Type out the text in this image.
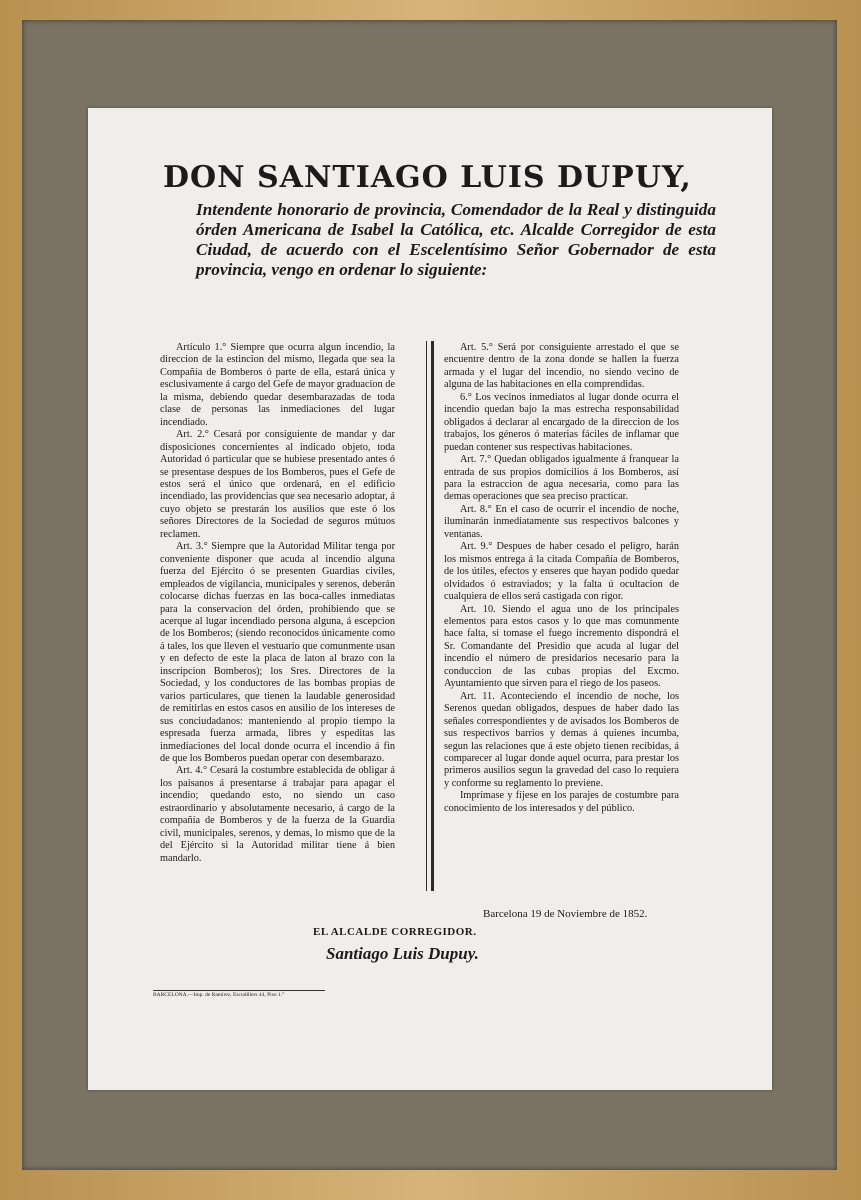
DON SANTIAGO LUIS DUPUY,
Intendente honorario de provincia, Comendador de la Real y distinguida órden Americana de Isabel la Católica, etc. Alcalde Corregidor de esta Ciudad, de acuerdo con el Escelentísimo Señor Gobernador de esta provincia, vengo en ordenar lo siguiente:

Artículo 1.° Siempre que ocurra algun incendio, la direccion de la estincion del mismo, llegada que sea la Compañía de Bomberos ó parte de ella, estará única y esclusivamente á cargo del Gefe de mayor graduacion de la misma, debiendo quedar desembarazadas de toda clase de personas las inmediaciones del lugar incendiado.

Art. 2.° Cesará por consiguiente de mandar y dar disposiciones concernientes al indicado objeto, toda Autoridad ó particular que se hubiese presentado antes ó se presentase despues de los Bomberos, pues el Gefe de estos será el único que ordenará, en el edificio incendiado, las providencias que sea necesario adoptar, á cuyo objeto se prestarán los ausilios que este ó los señores Directores de la Sociedad de seguros mútuos reclamen.

Art. 3.° Siempre que la Autoridad Militar tenga por conveniente disponer que acuda al incendio alguna fuerza del Ejército ó se presenten Guardias civiles, empleados de vigilancia, municipales y serenos, deberán colocarse dichas fuerzas en las boca-calles inmediatas para la conservacion del órden, prohibiendo que se acerque al lugar incendiado persona alguna, á escepcion de los Bomberos; (siendo reconocidos únicamente como á tales, los que lleven el vestuario que comunmente usan y en defecto de este la placa de laton al brazo con la inscripcion Bomberos); los Sres. Directores de la Sociedad, y los conductores de las bombas propias de varios particulares, que tienen la laudable generosidad de remitirlas en estos casos en ausilio de los intereses de sus conciudadanos: manteniendo al propio tiempo la espresada fuerza armada, libres y espeditas las inmediaciones del local donde ocurra el incendio á fin de que los Bomberos puedan operar con desembarazo.

Art. 4.° Cesará la costumbre establecida de obligar á los paisanos á presentarse á trabajar para apagar el incendio; quedando esto, no siendo un caso estraordinario y absolutamente necesario, á cargo de la compañía de Bomberos y de la fuerza de la Guardia civil, municipales, serenos, y demas, lo mismo que de la del Ejército si la Autoridad militar tiene á bien mandarlo.

Art. 5.° Será por consiguiente arrestado el que se encuentre dentro de la zona donde se hallen la fuerza armada y el lugar del incendio, no siendo vecino de alguna de las habitaciones en ella comprendidas.

6.° Los vecinos inmediatos al lugar donde ocurra el incendio quedan bajo la mas estrecha responsabilidad obligados á declarar al encargado de la direccion de los trabajos, los géneros ó materias fáciles de inflamar que puedan contener sus respectivas habitaciones.

Art. 7.° Quedan obligados igualmente á franquear la entrada de sus propios domicilios á los Bomberos, así para la estraccion de agua necesaria, como para las demas operaciones que sea preciso practicar.

Art. 8.° En el caso de ocurrir el incendio de noche, iluminarán inmediatamente sus respectivos balcones y ventanas.

Art. 9.° Despues de haber cesado el peligro, harán los mismos entrega á la citada Compañía de Bomberos, de los útiles, efectos y enseres que hayan podido quedar olvidados ó estraviados; y la falta ú ocultacion de cualquiera de ellos será castigada con rigor.

Art. 10. Siendo el agua uno de los principales elementos para estos casos y lo que mas comunmente hace falta, si tomase el fuego incremento dispondrá el Sr. Comandante del Presidio que acuda al lugar del incendio el número de presidarios necesario para la conduccion de las cubas propias del Excmo. Ayuntamiento que sirven para el riego de los paseos.

Art. 11. Aconteciendo el incendio de noche, los Serenos quedan obligados, despues de haber dado las señales correspondientes y de avisados los Bomberos de sus respectivos barrios y demas á quienes incumba, segun las relaciones que á este objeto tienen recibidas, á comparecer al lugar donde aquel ocurra, para prestar los primeros ausilios segun la gravedad del caso lo requiera y conforme su reglamento lo previene.

Imprímase y fíjese en los parajes de costumbre para conocimiento de los interesados y del público.

Barcelona 19 de Noviembre de 1852.
EL ALCALDE CORREGIDOR.
Santiago Luis Dupuy.
BARCELONA.—Imp. de Ramírez, Escudillers 44, Piso 1.°
